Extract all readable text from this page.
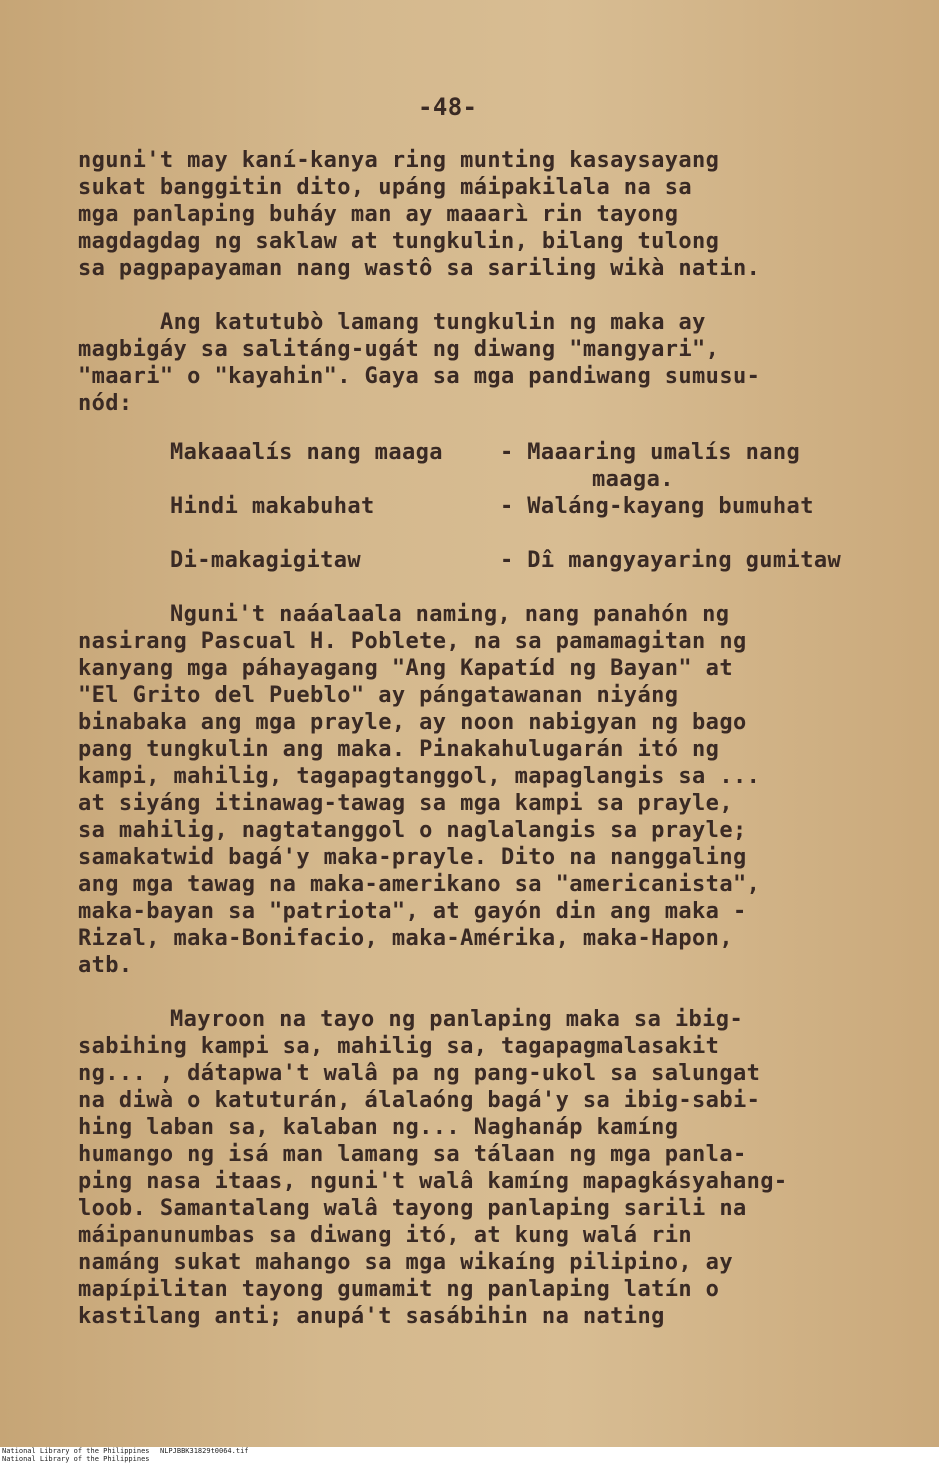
-48-
nguni't may kaní-kanya ring munting kasaysayang
sukat banggitin dito, upáng máipakilala na sa
mga panlaping buháy man ay maaarì rin tayong
magdagdag ng saklaw at tungkulin, bilang tulong
sa pagpapayaman nang wastô sa sariling wikà natin.
Ang katutubò lamang tungkulin ng maka ay
magbigáy sa salitáng-ugát ng diwang "mangyari",
"maari" o "kayahin". Gaya sa mga pandiwang sumusu-
nód:
Makaaalís nang maaga	- Maaaring umalís nang
maaga.
Hindi makabuhat	- Waláng-kayang bumuhat
Di-makagigitaw	- Dî mangyayaring gumitaw
Nguni't naáalaala naming, nang panahón ng
nasirang Pascual H. Poblete, na sa pamamagitan ng
kanyang mga páhayagang "Ang Kapatíd ng Bayan" at
"El Grito del Pueblo" ay pángatawanan niyáng
binabaka ang mga prayle, ay noon nabigyan ng bago
pang tungkulin ang maka. Pinakahulugarán itó ng
kampi, mahilig, tagapagtanggol, mapaglangis sa ...
at siyáng itinawag-tawag sa mga kampi sa prayle,
sa mahilig, nagtatanggol o naglalangis sa prayle;
samakatwid bagá'y maka-prayle. Dito na nanggaling
ang mga tawag na maka-amerikano sa "americanista",
maka-bayan sa "patriota", at gayón din ang maka -
Rizal, maka-Bonifacio, maka-Amérika, maka-Hapon,
atb.
Mayroon na tayo ng panlaping maka sa ibig-
sabihing kampi sa, mahilig sa, tagapagmalasakit
ng... , dátapwa't walâ pa ng pang-ukol sa salungat
na diwà o katuturán, álalaóng bagá'y sa ibig-sabi-
hing laban sa, kalaban ng... Naghanáp kamíng
humango ng isá man lamang sa tálaan ng mga panla-
ping nasa itaas, nguni't walâ kamíng mapagkásyahang-
loob. Samantalang walâ tayong panlaping sarili na
máipanunumbas sa diwang itó, at kung walá rin
namáng sukat mahango sa mga wikaíng pilipino, ay
mapípilitan tayong gumamit ng panlaping latín o
kastilang anti; anupá't sasábihin na nating
National Library of the Philippines NLPJBBK31829t0064.tif
National Library of the Philippines
